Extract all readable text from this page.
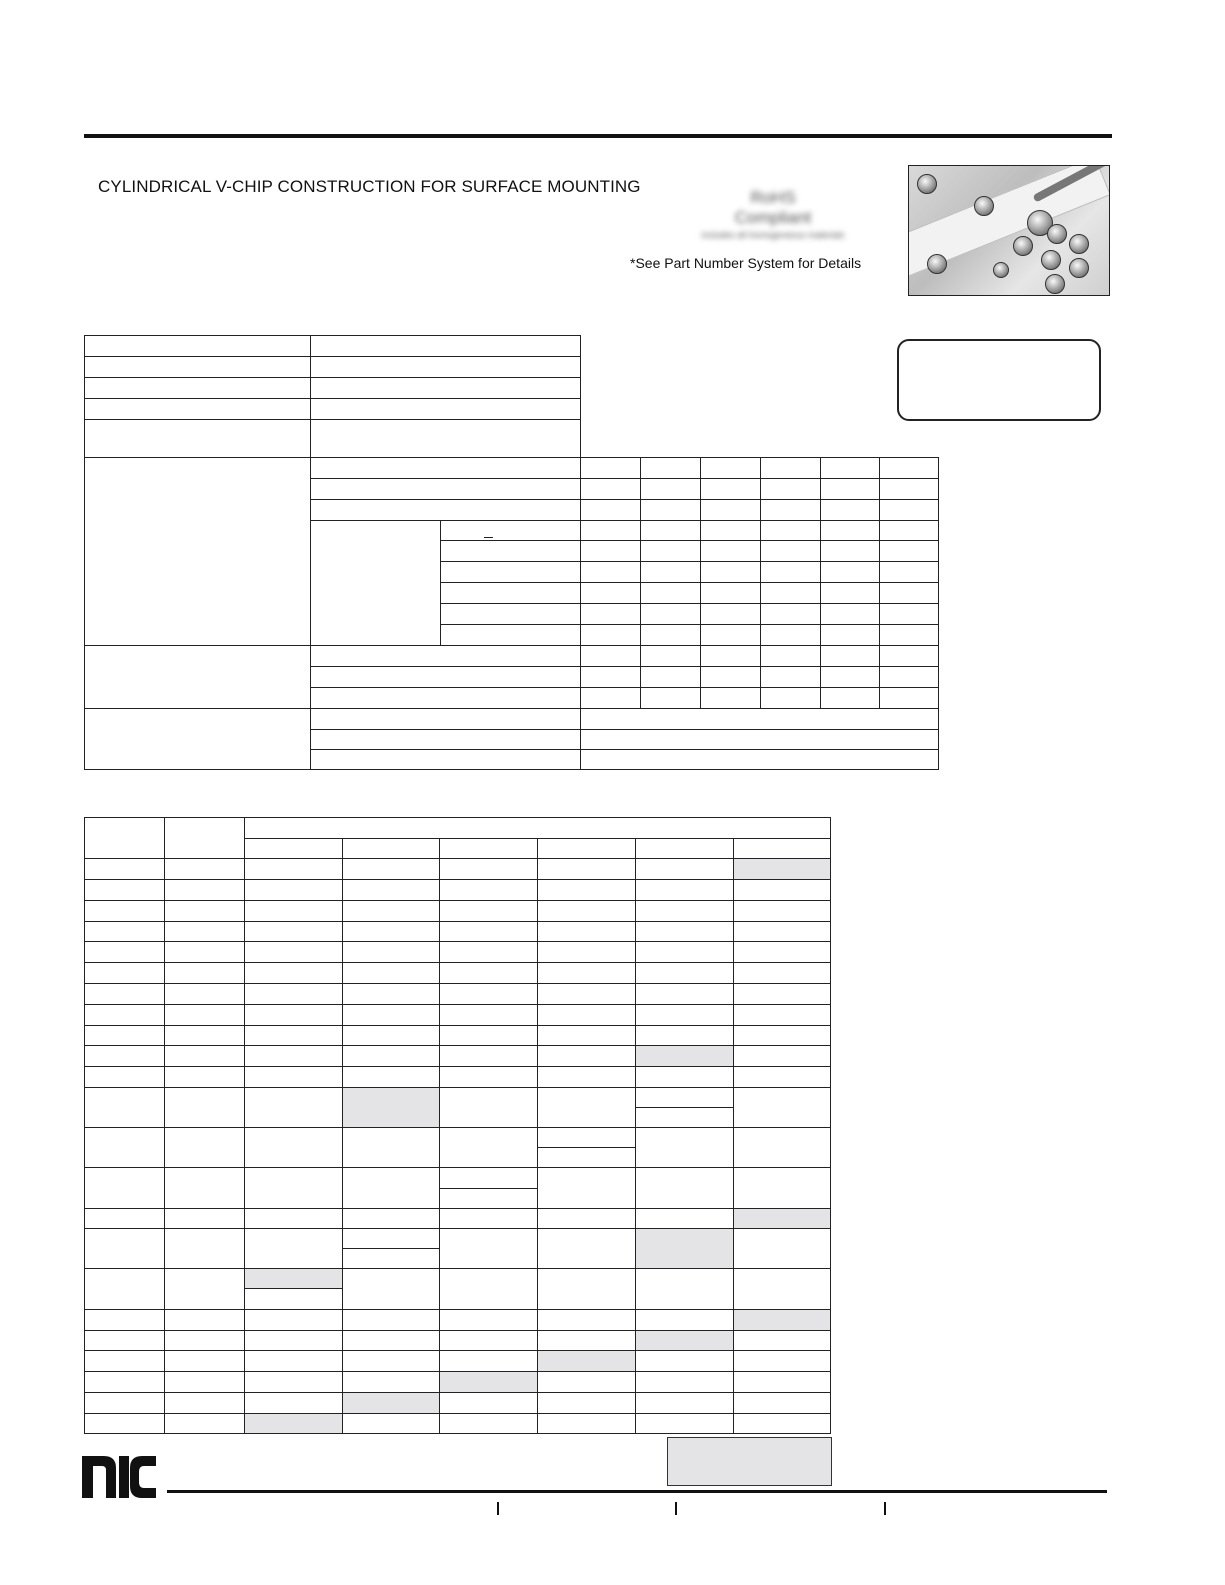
CYLINDRICAL V-CHIP CONSTRUCTION FOR SURFACE MOUNTING
RoHS
Compliant
includes all homogeneous materials
*See Part Number System for Details
